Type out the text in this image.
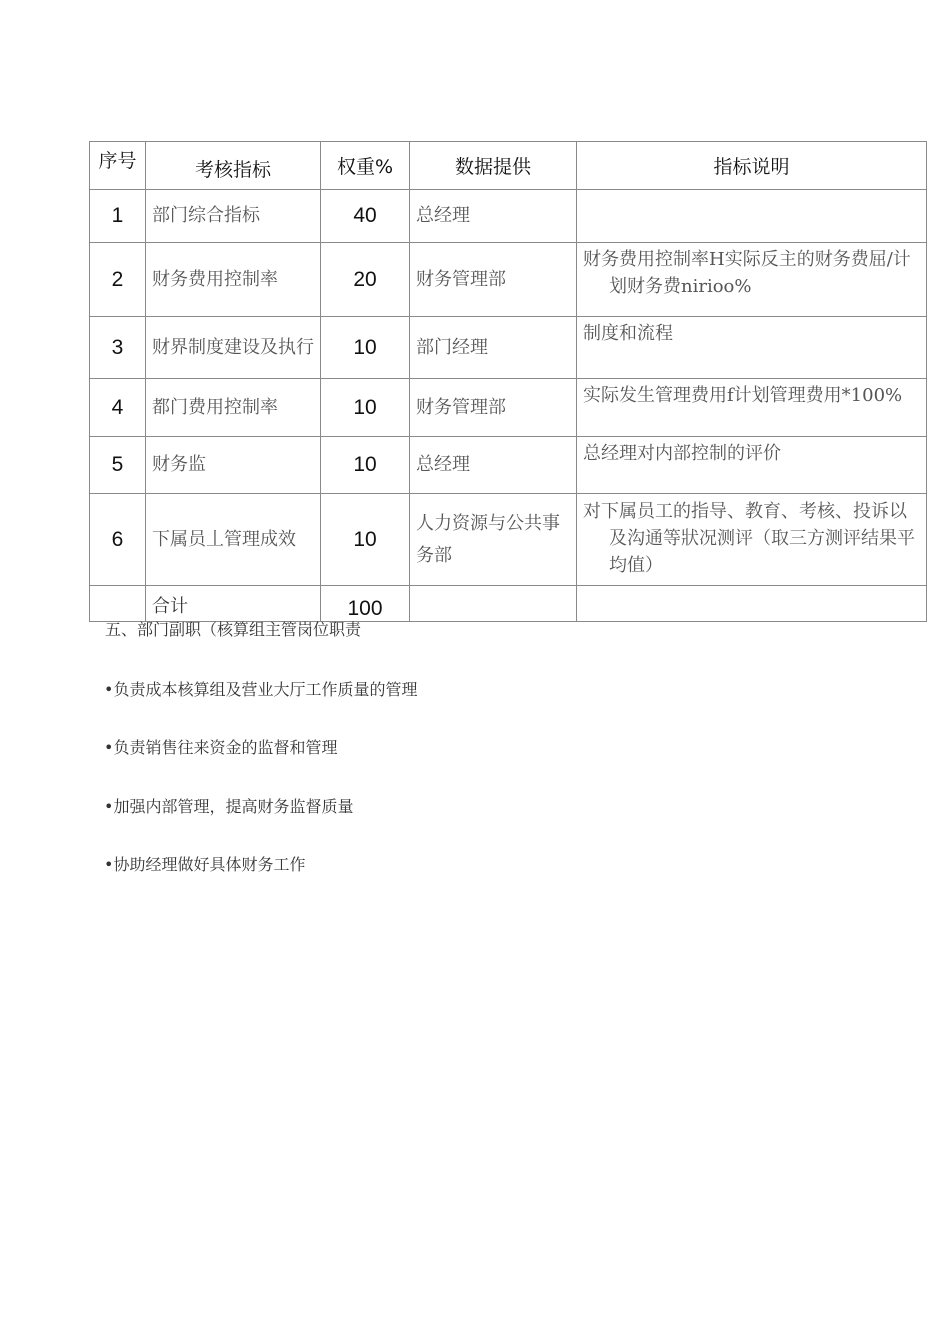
序号	考核指标	权重%	数据提供	指标说明
1	部门综合指标	40	总经理	
2	财务费用控制率	20	财务管理部	财务费用控制率H实际反主的财务费屈/计划财务费nirioo%

3	财界制度建设及执行	10	部门经理	制度和流程
4	都门费用控制率	10	财务管理部	实际发生管理费用f计划管理费用*100%

5	财务监	10	总经理	总经理对内部控制的评价
6	下属员丄管理成效	10	人力资源与公共事务部	对下属员工的指导、教育、考核、投诉以及沟通等狀况测评（取三方测评结果平均值）

	合计	100		
五、部门副职（核算组主管岗位职责

•负责成本核算组及营业大厅工作质量的管理

•负责销售往来资金的监督和管理

•加强内部管理，提高财务监督质量

•协助经理做好具体财务工作
